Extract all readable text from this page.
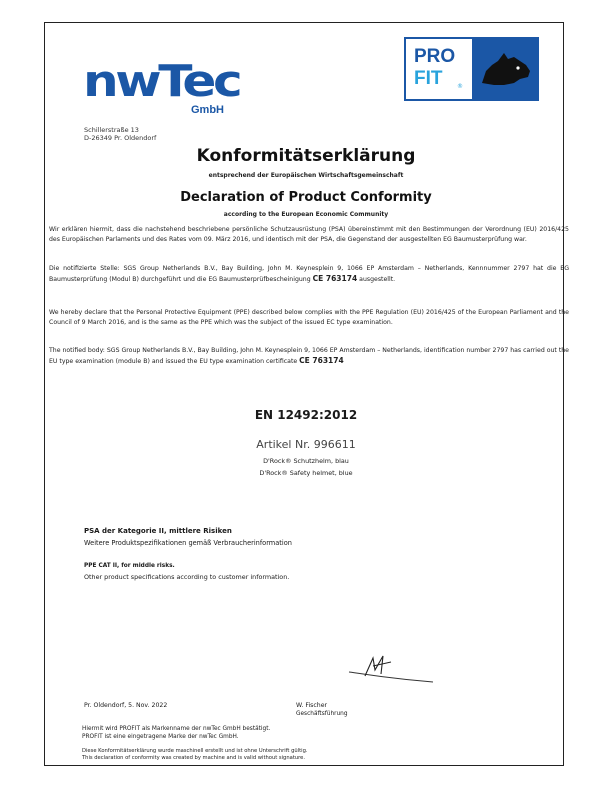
nwTec
GmbH
PRO
FIT ®
Schillerstraße 13
D-26349 Pr. Oldendorf
Konformitätserklärung
entsprechend der Europäischen Wirtschaftsgemeinschaft
Declaration of Product Conformity
according to the European Economic Community
Wir erklären hiermit, dass die nachstehend beschriebene persönliche Schutzausrüstung (PSA) übereinstimmt mit den Bestimmungen der Verordnung (EU) 2016/425 des Europäischen Parlaments und des Rates vom 09. März 2016, und identisch mit der PSA, die Gegenstand der ausgestellten EG Baumusterprüfung war.
Die notifizierte Stelle: SGS Group Netherlands B.V., Bay Building, John M. Keynesplein 9, 1066 EP Amsterdam – Netherlands, Kennnummer 2797 hat die EG Baumusterprüfung (Modul B) durchgeführt und die EG Baumusterprüfbescheinigung CE 763174 ausgestellt.
We hereby declare that the Personal Protective Equipment (PPE) described below complies with the PPE Regulation (EU) 2016/425 of the European Parliament and the Council of 9 March 2016, and is the same as the PPE which was the subject of the issued EC type examination.
The notified body: SGS Group Netherlands B.V., Bay Building, John M. Keynesplein 9, 1066 EP Amsterdam – Netherlands, identification number 2797 has carried out the EU type examination (module B) and issued the EU type examination certificate CE 763174
EN 12492:2012
Artikel Nr. 996611
D'Rock® Schutzhelm, blau
D'Rock® Safety helmet, blue
PSA der Kategorie II, mittlere Risiken
Weitere Produktspezifikationen gemäß Verbraucherinformation
PPE CAT II, for middle risks.
Other product specifications according to customer information.
Pr. Oldendorf, 5. Nov. 2022	W. Fischer
Geschäftsführung
Hiermit wird PROFIT als Markenname der nwTec GmbH bestätigt.
PROFIT ist eine eingetragene Marke der nwTec GmbH.
Diese Konformitätserklärung wurde maschinell erstellt und ist ohne Unterschrift gültig.
This declaration of conformity was created by machine and is valid without signature.
